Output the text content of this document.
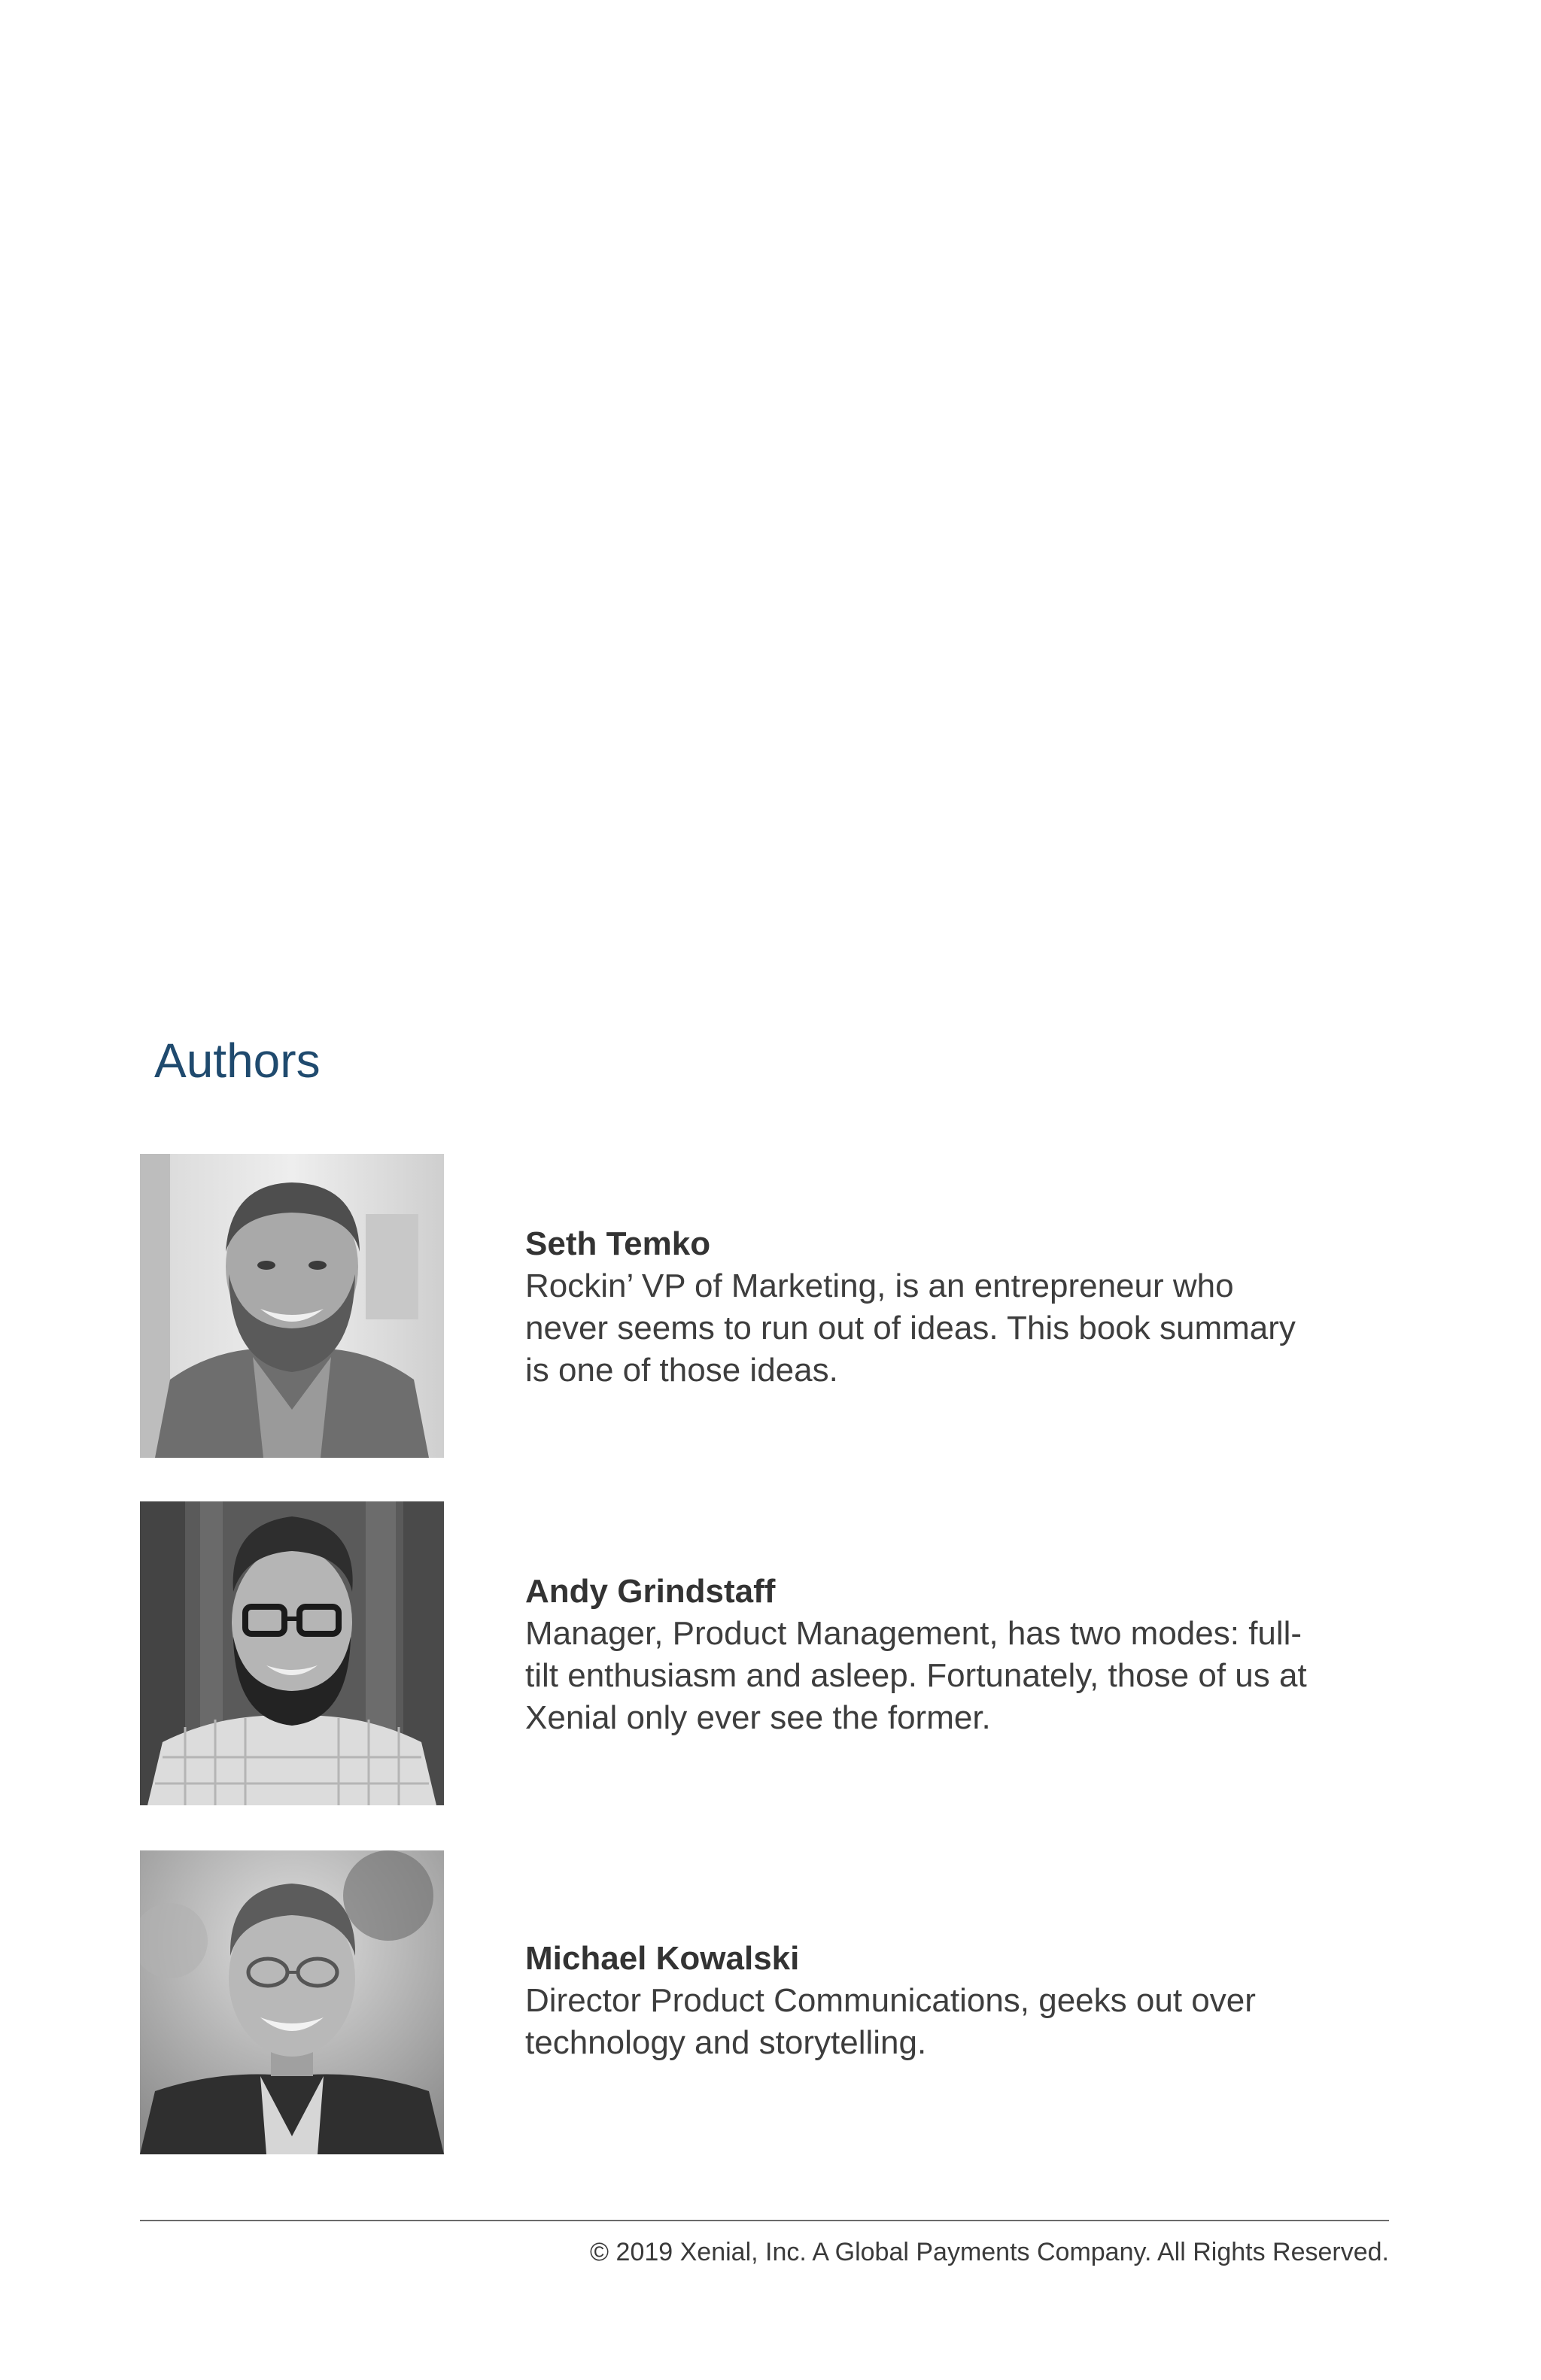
Authors

Seth Temko

Rockin’ VP of Marketing, is an entrepreneur who never seems to run out of ideas. This book summary is one of those ideas.

Andy Grindstaff

Manager, Product Management, has two modes: full-tilt enthusiasm and asleep. Fortunately, those of us at Xenial only ever see the former.

Michael Kowalski

Director Product Communications, geeks out over technology and storytelling.

© 2019 Xenial, Inc. A Global Payments Company. All Rights Reserved.
